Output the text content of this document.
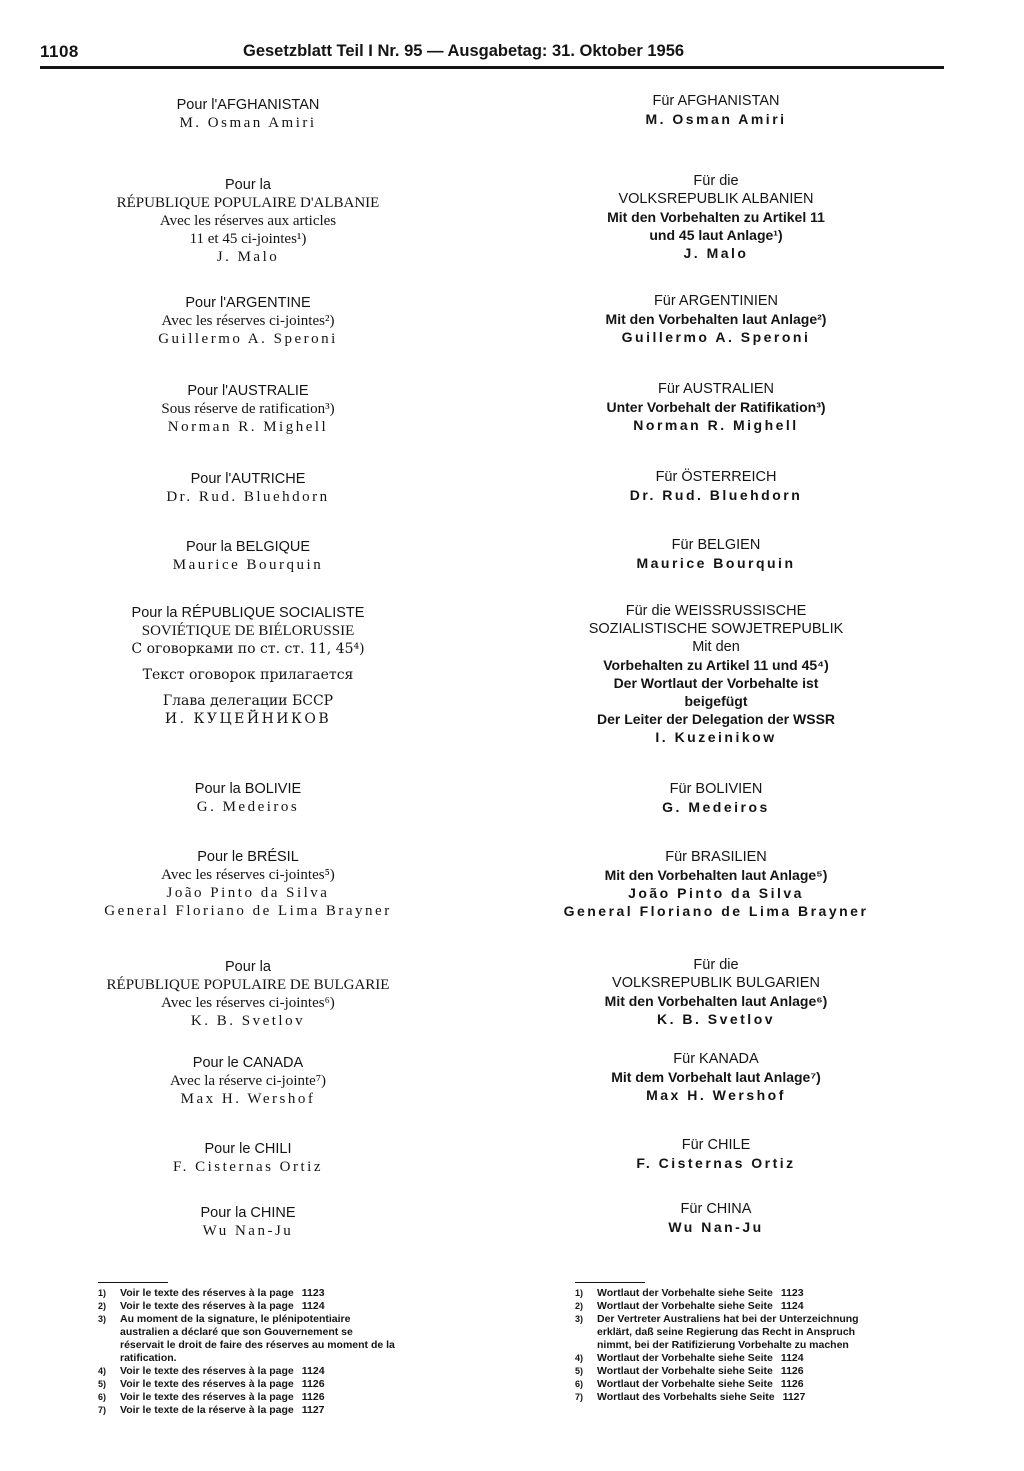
1108	Gesetzblatt Teil I Nr. 95 — Ausgabetag: 31. Oktober 1956
Pour l'AFGHANISTAN
M. Osman Amiri
Pour la
RÉPUBLIQUE POPULAIRE D'ALBANIE
Avec les réserves aux articles
11 et 45 ci-jointes¹)
J. Malo
Pour l'ARGENTINE
Avec les réserves ci-jointes²)
Guillermo A. Speroni
Pour l'AUSTRALIE
Sous réserve de ratification³)
Norman R. Mighell
Pour l'AUTRICHE
Dr. Rud. Bluehdorn
Pour la BELGIQUE
Maurice Bourquin
Pour la RÉPUBLIQUE SOCIALISTE
SOVIÉTIQUE DE BIÉLORUSSIE
С оговорками по ст. ст. 11, 45⁴)
Текст оговорок прилагается
Глава делегации БССР
И. КУЦЕЙНИКОВ
Pour la BOLIVIE
G. Medeiros
Pour le BRÉSIL
Avec les réserves ci-jointes⁵)
João Pinto da Silva
General Floriano de Lima Brayner
Pour la
RÉPUBLIQUE POPULAIRE DE BULGARIE
Avec les réserves ci-jointes⁶)
K. B. Svetlov
Pour le CANADA
Avec la réserve ci-jointe⁷)
Max H. Wershof
Pour le CHILI
F. Cisternas Ortiz
Pour la CHINE
Wu Nan-Ju
Für AFGHANISTAN
M. Osman Amiri
Für die
VOLKSREPUBLIK ALBANIEN
Mit den Vorbehalten zu Artikel 11
und 45 laut Anlage¹)
J. Malo
Für ARGENTINIEN
Mit den Vorbehalten laut Anlage²)
Guillermo A. Speroni
Für AUSTRALIEN
Unter Vorbehalt der Ratifikation³)
Norman R. Mighell
Für ÖSTERREICH
Dr. Rud. Bluehdorn
Für BELGIEN
Maurice Bourquin
Für die WEISSRUSSISCHE
SOZIALISTISCHE SOWJETREPUBLIK
Mit den
Vorbehalten zu Artikel 11 und 45⁴)
Der Wortlaut der Vorbehalte ist
beigefügt
Der Leiter der Delegation der WSSR
I. Kuzeinikow
Für BOLIVIEN
G. Medeiros
Für BRASILIEN
Mit den Vorbehalten laut Anlage⁵)
João Pinto da Silva
General Floriano de Lima Brayner
Für die
VOLKSREPUBLIK BULGARIEN
Mit den Vorbehalten laut Anlage⁶)
K. B. Svetlov
Für KANADA
Mit dem Vorbehalt laut Anlage⁷)
Max H. Wershof
Für CHILE
F. Cisternas Ortiz
Für CHINA
Wu Nan-Ju
1) Voir le texte des réserves à la page 1123
2) Voir le texte des réserves à la page 1124
3) Au moment de la signature, le plénipotentiaire australien a déclaré que son Gouvernement se réservait le droit de faire des réserves au moment de la ratification.
4) Voir le texte des réserves à la page 1124
5) Voir le texte des réserves à la page 1126
6) Voir le texte des réserves à la page 1126
7) Voir le texte de la réserve à la page 1127
1) Wortlaut der Vorbehalte siehe Seite 1123
2) Wortlaut der Vorbehalte siehe Seite 1124
3) Der Vertreter Australiens hat bei der Unterzeichnung erklärt, daß seine Regierung das Recht in Anspruch nimmt, bei der Ratifizierung Vorbehalte zu machen
4) Wortlaut der Vorbehalte siehe Seite 1124
5) Wortlaut der Vorbehalte siehe Seite 1126
6) Wortlaut der Vorbehalte siehe Seite 1126
7) Wortlaut des Vorbehalts siehe Seite 1127
